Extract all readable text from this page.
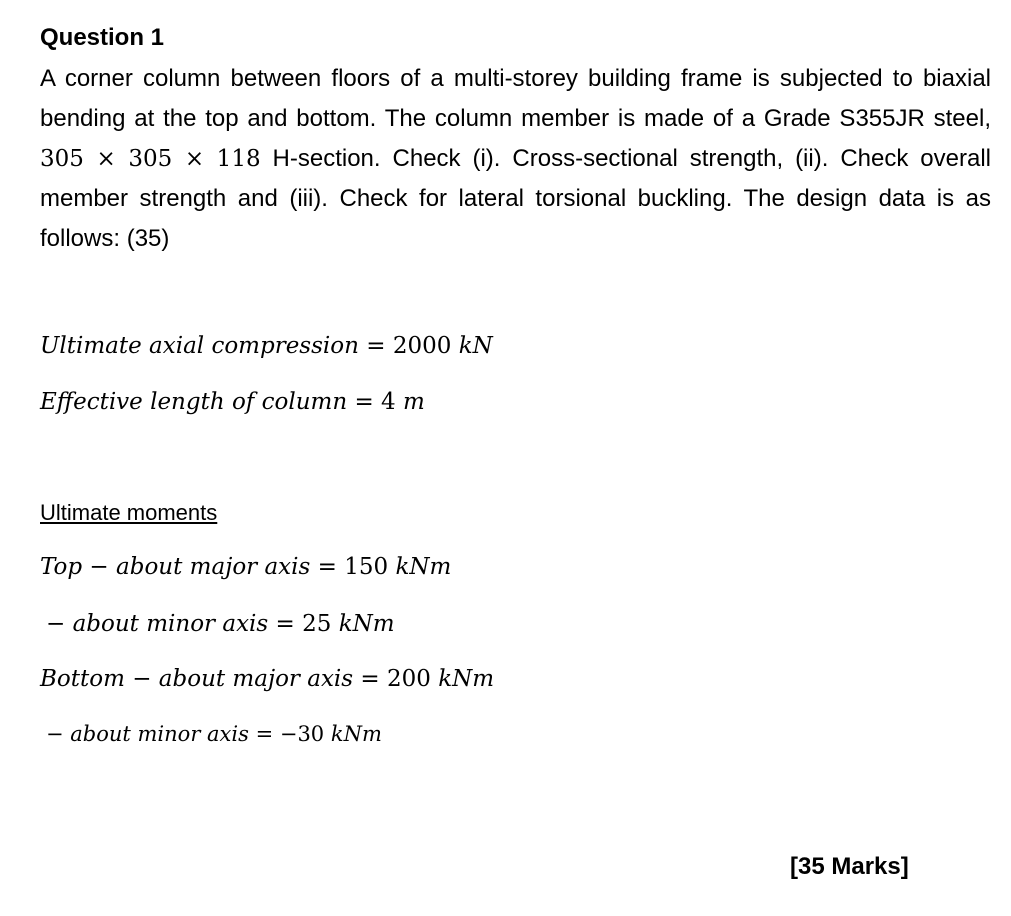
Question 1
A corner column between floors of a multi-storey building frame is subjected to biaxial bending at the top and bottom. The column member is made of a Grade S355JR steel, 305 × 305 × 118 H-section. Check (i). Cross-sectional strength, (ii). Check overall member strength and (iii). Check for lateral torsional buckling. The design data is as follows: (35)
Ultimate axial compression = 2000 kN
Effective length of column = 4 m
Ultimate moments
Top − about major axis = 150 kNm
− about minor axis = 25 kNm
Bottom − about major axis = 200 kNm
− about minor axis = −30 kNm
[35 Marks]
